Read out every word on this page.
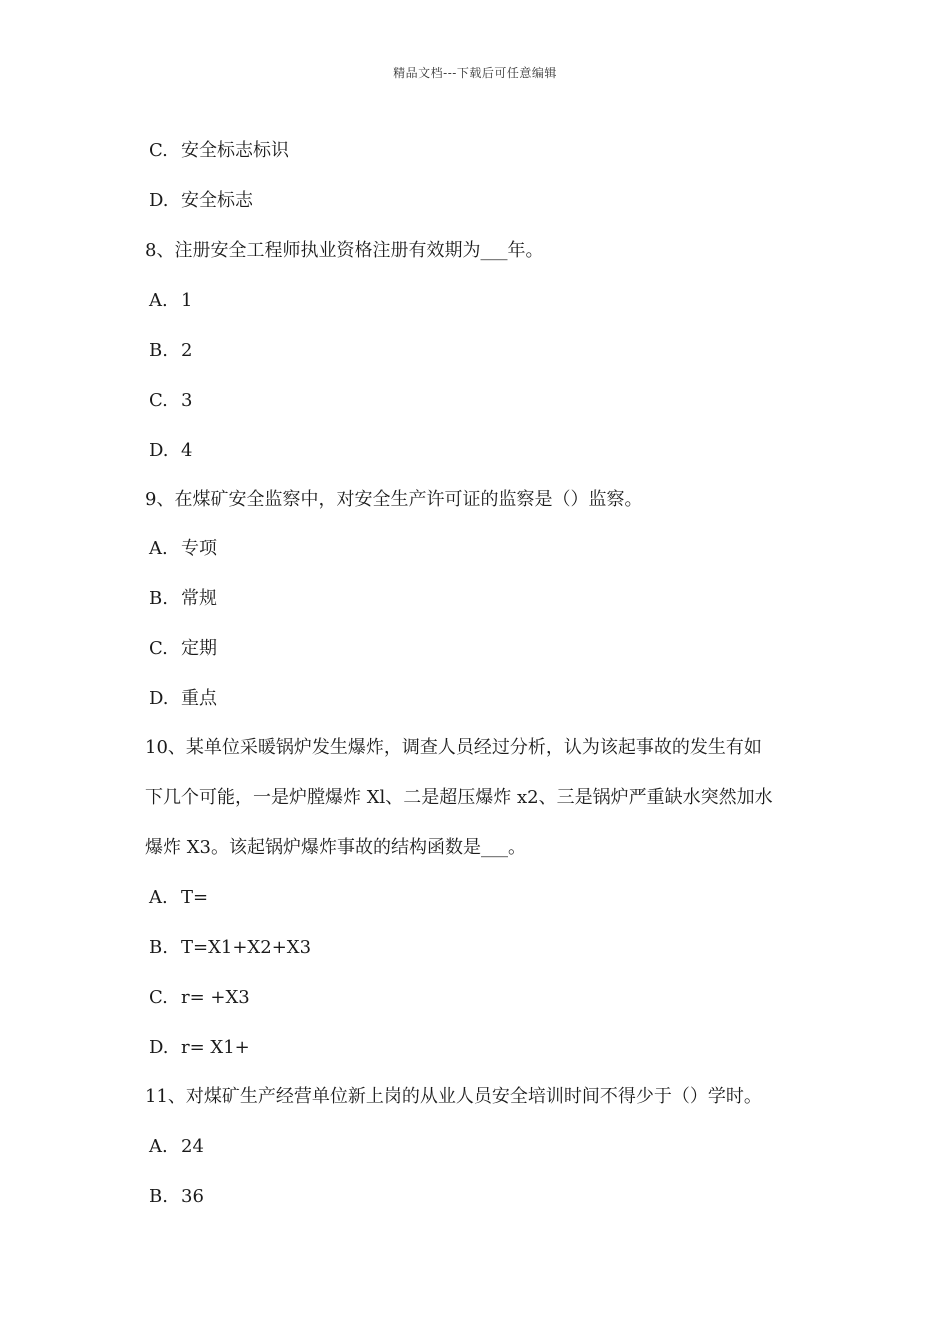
精品文档---下载后可任意编辑
C. 安全标志标识
D. 安全标志
8、注册安全工程师执业资格注册有效期为___年。
A. 1
B. 2
C. 3
D. 4
9、在煤矿安全监察中，对安全生产许可证的监察是（）监察。
A. 专项
B. 常规
C. 定期
D. 重点
10、某单位采暖锅炉发生爆炸，调查人员经过分析，认为该起事故的发生有如
下几个可能，一是炉膛爆炸 Xl、二是超压爆炸 x2、三是锅炉严重缺水突然加水
爆炸 X3。该起锅炉爆炸事故的结构函数是___。
A. T=
B. T=X1+X2+X3
C. r= +X3
D. r= X1+
11、对煤矿生产经营单位新上岗的从业人员安全培训时间不得少于（）学时。
A. 24
B. 36
